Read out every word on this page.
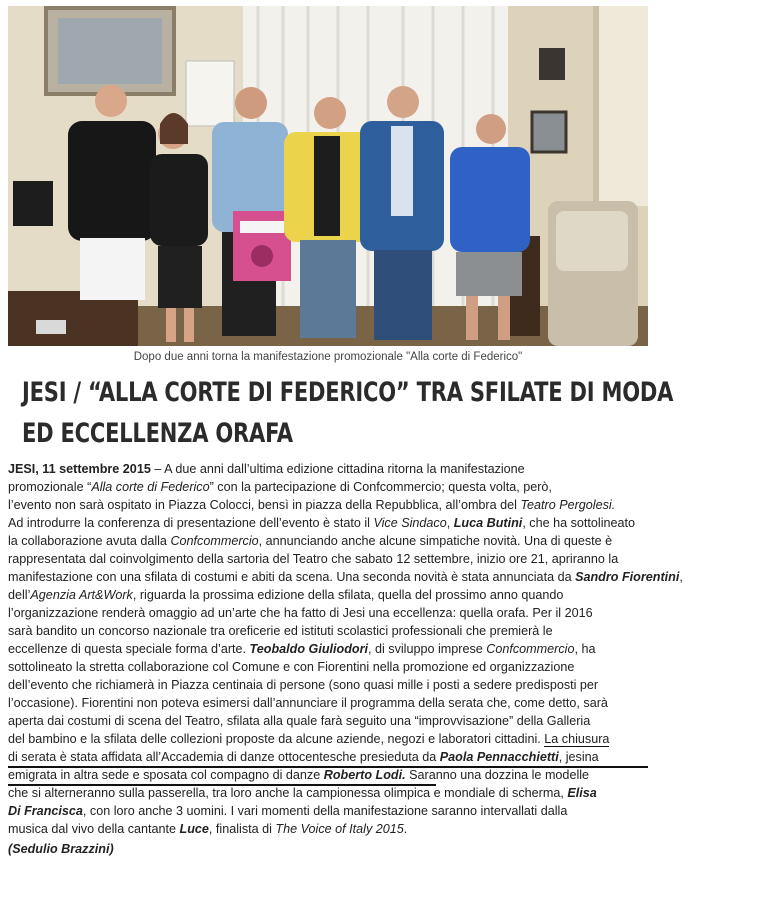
Dopo due anni torna la manifestazione promozionale "Alla corte di Federico"
JESI / “ALLA CORTE DI FEDERICO” TRA SFILATE DI MODA
ED ECCELLENZA ORAFA
JESI, 11 settembre 2015 – A due anni dall’ultima edizione cittadina ritorna la manifestazione
promozionale “Alla corte di Federico” con la partecipazione di Confcommercio; questa volta, però,
l’evento non sarà ospitato in Piazza Colocci, bensì in piazza della Repubblica, all’ombra del Teatro Pergolesi.
Ad introdurre la conferenza di presentazione dell’evento è stato il Vice Sindaco, Luca Butini, che ha sottolineato
la collaborazione avuta dalla Confcommercio, annunciando anche alcune simpatiche novità. Una di queste è
rappresentata dal coinvolgimento della sartoria del Teatro che sabato 12 settembre, inizio ore 21, apriranno la
manifestazione con una sfilata di costumi e abiti da scena. Una seconda novità è stata annunciata da Sandro Fiorentini,
dell’Agenzia Art&Work, riguarda la prossima edizione della sfilata, quella del prossimo anno quando
l’organizzazione renderà omaggio ad un’arte che ha fatto di Jesi una eccellenza: quella orafa. Per il 2016
sarà bandito un concorso nazionale tra oreficerie ed istituti scolastici professionali che premierà le
eccellenze di questa speciale forma d’arte. Teobaldo Giuliodori, di sviluppo imprese Confcommercio, ha
sottolineato la stretta collaborazione col Comune e con Fiorentini nella promozione ed organizzazione
dell’evento che richiamerà in Piazza centinaia di persone (sono quasi mille i posti a sedere predisposti per
l’occasione). Fiorentini non poteva esimersi dall’annunciare il programma della serata che, come detto, sarà
aperta dai costumi di scena del Teatro, sfilata alla quale farà seguito una “improvvisazione” della Galleria
del bambino e la sfilata delle collezioni proposte da alcune aziende, negozi e laboratori cittadini. La chiusura
di serata è stata affidata all’Accademia di danze ottocentesche presieduta da Paola Pennacchietti, jesina
emigrata in altra sede e sposata col compagno di danze Roberto Lodi. Saranno una dozzina le modelle
che si alterneranno sulla passerella, tra loro anche la campionessa olimpica e mondiale di scherma, Elisa
Di Francisca, con loro anche 3 uomini. I vari momenti della manifestazione saranno intervallati dalla
musica dal vivo della cantante Luce, finalista di The Voice of Italy 2015.
(Sedulio Brazzini)
